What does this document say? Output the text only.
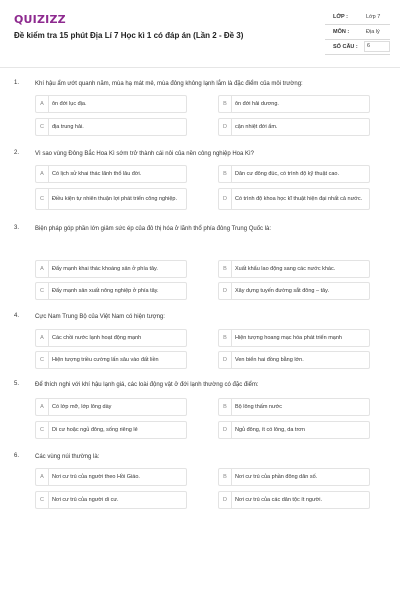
QUIZIZZ
Đề kiểm tra 15 phút Địa Lí 7 Học kì 1 có đáp án (Lần 2 - Đề 3)
LỚP :	Lớp 7
MÔN :	Địa lý
SỐ CÂU :	6
1.	Khí hậu ẩm ướt quanh năm, mùa hạ mát mẻ, mùa đông không lạnh lắm là đặc điểm của môi trường:
A	ôn đới lục địa.	B	ôn đới hải dương.
C	địa trung hải.	D	cận nhiệt đới ẩm.
2.	Vì sao vùng Đông Bắc Hoa Kì sớm trở thành cái nôi của nền công nghiệp Hoa Kì?
A	Có lịch sử khai thác lãnh thổ lâu đời.	B	Dân cư đông đúc, có trình độ kỹ thuật cao.
C	Điều kiện tự nhiên thuận lợi phát triển công nghiệp.	D	Có trình độ khoa học kĩ thuật hiện đại nhất cả nước.
3.	Biện pháp góp phần lớn giảm sức ép của đô thị hóa ở lãnh thổ phía đông Trung Quốc là:
A	Đẩy mạnh khai thác khoáng sản ở phía tây.	B	Xuất khẩu lao động sang các nước khác.
C	Đẩy mạnh sản xuất nông nghiệp ở phía tây.	D	Xây dựng tuyến đường sắt đông – tây.
4.	Cực Nam Trung Bộ của Việt Nam có hiện tượng:
A	Các chồi nước lạnh hoạt động mạnh	B	Hiện tượng hoang mạc hóa phát triển mạnh
C	Hiện tượng triều cường lấn sâu vào đất liền	D	Ven biển hai đồng bằng lớn.
5.	Để thích nghi với khí hậu lạnh giá, các loài động vật ở đới lạnh thường có đặc điểm:
A	Có lớp mỡ, lớp lông dày	B	Bộ lông thấm nước
C	Di cư hoặc ngủ đông, sống riêng lẻ	D	Ngủ đông, ít có lông, da trơn
6.	Các vùng núi thường là:
A	Nơi cư trú của người theo Hồi Giáo.	B	Nơi cư trú của phần đông dân số.
C	Nơi cư trú của người di cư.	D	Nơi cư trú của các dân tộc ít người.
